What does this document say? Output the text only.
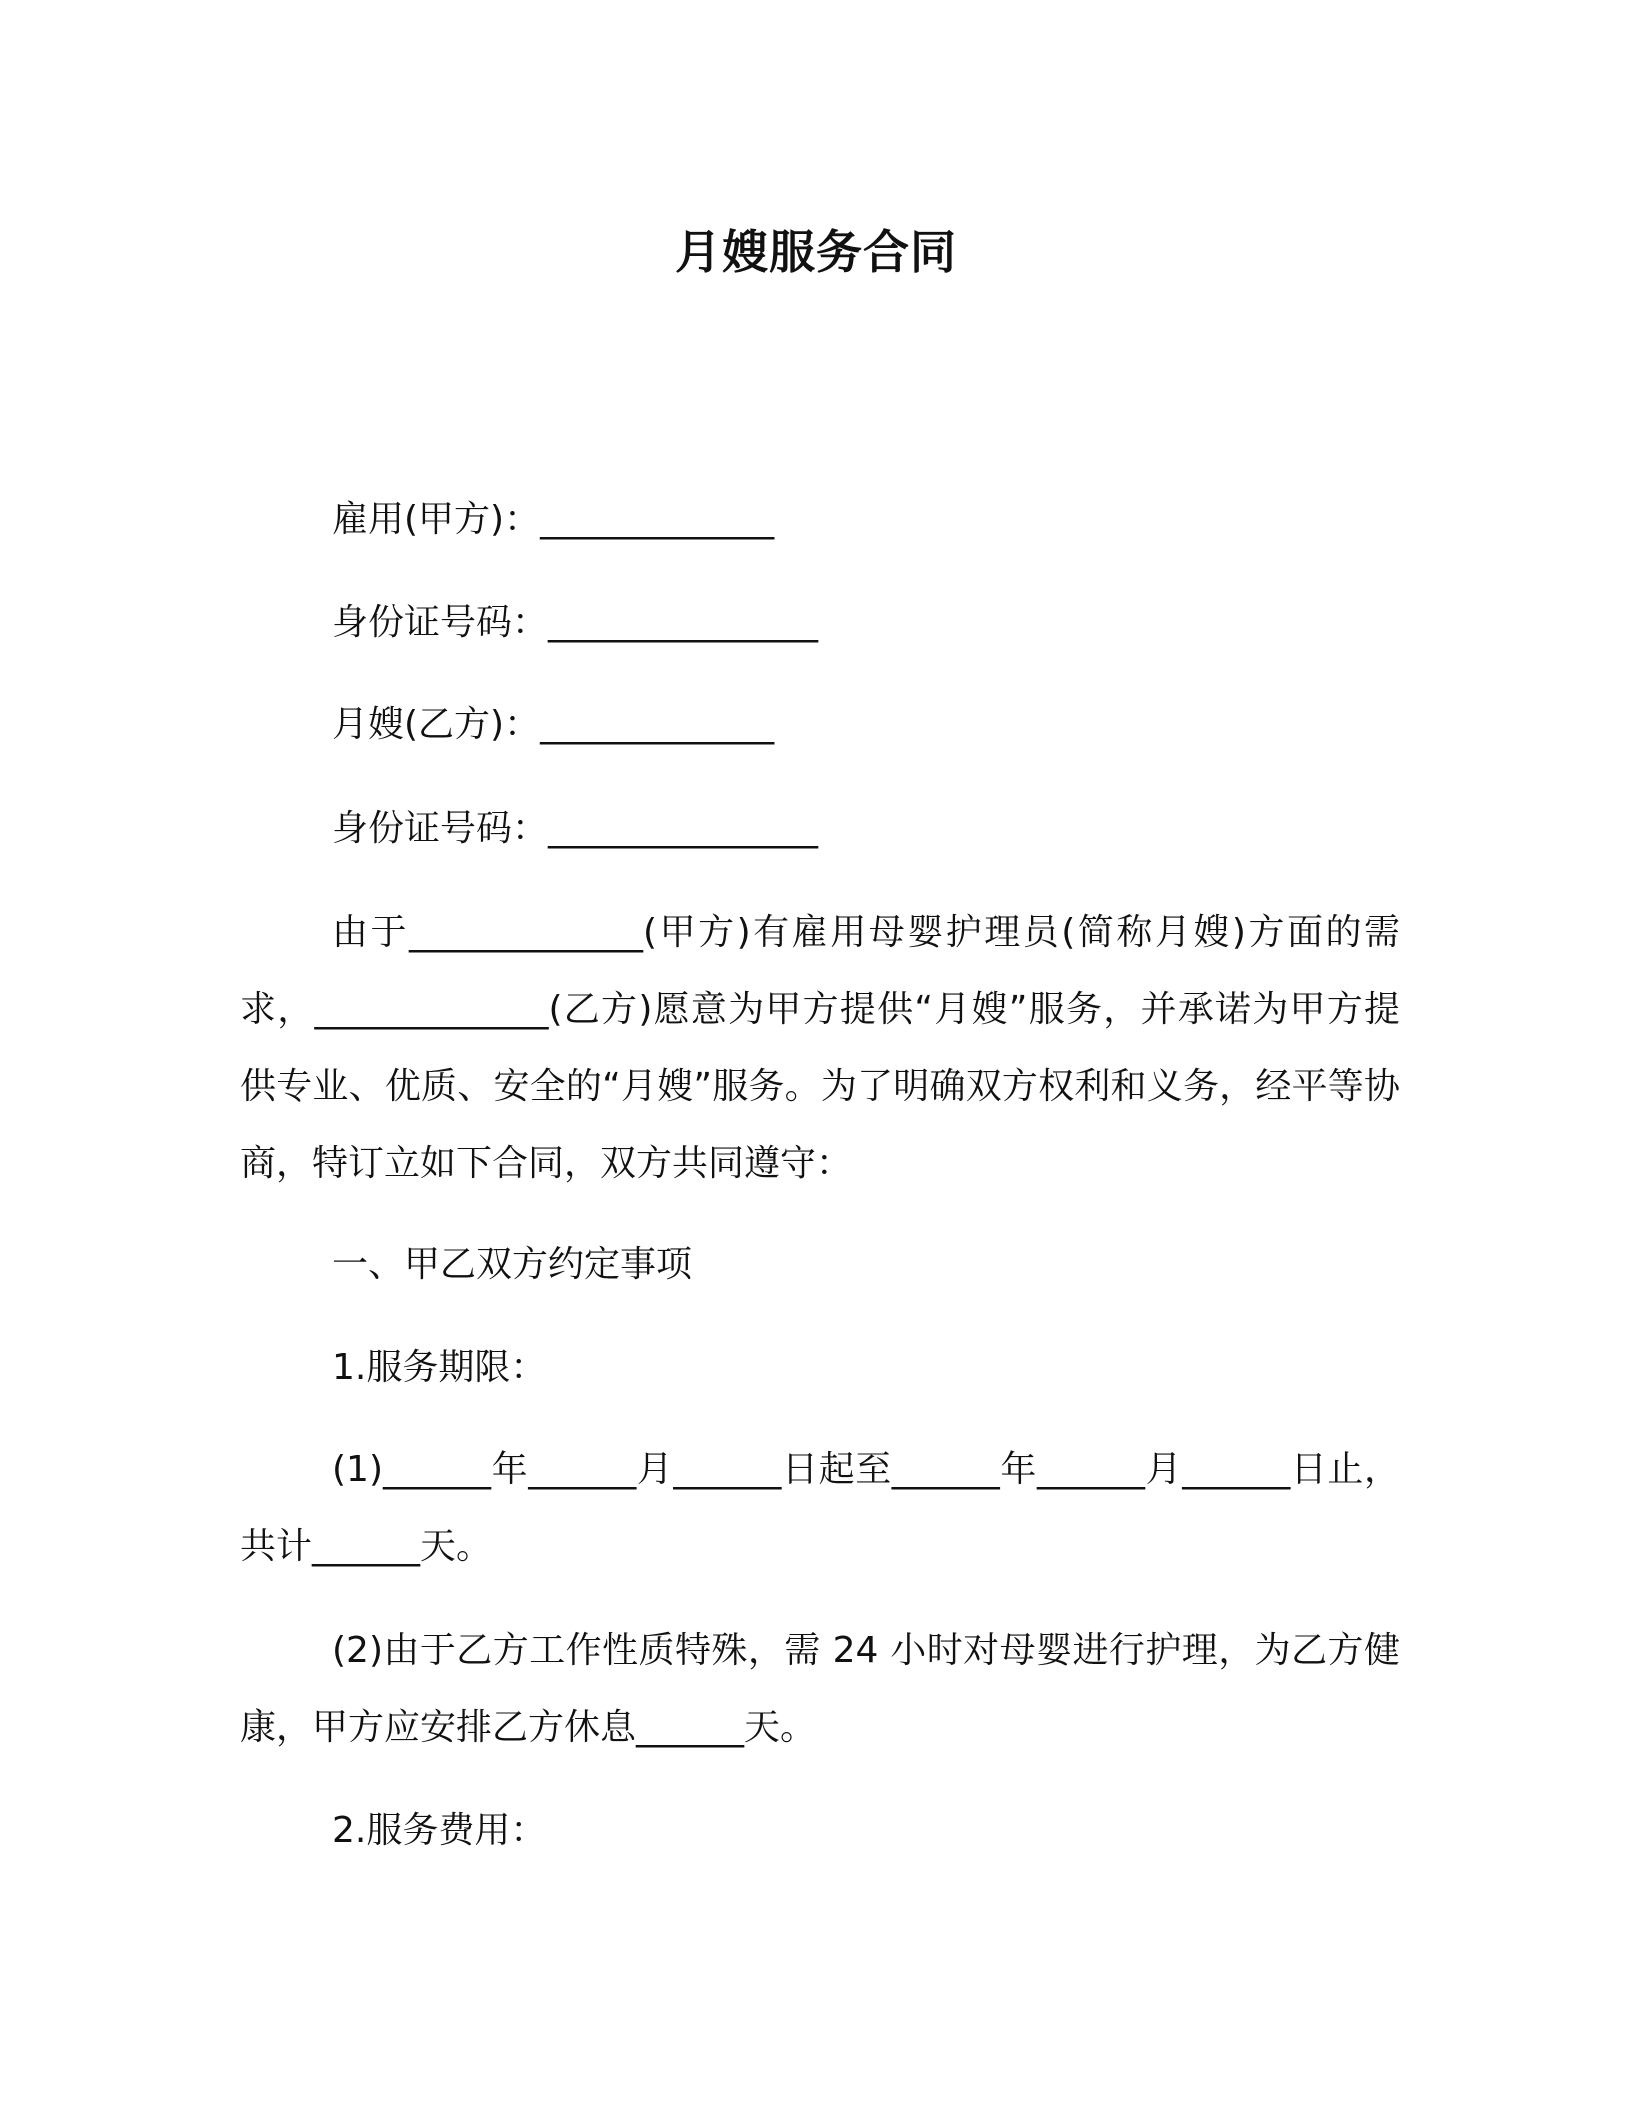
月嫂服务合同
雇用(甲方)：_____________
身份证号码：_______________
月嫂(乙方)：_____________
身份证号码：_______________
由于_____________(甲方)有雇用母婴护理员(简称月嫂)方面的需求，_____________(乙方)愿意为甲方提供“月嫂”服务，并承诺为甲方提供专业、优质、安全的“月嫂”服务。为了明确双方权利和义务，经平等协商，特订立如下合同，双方共同遵守：
一、甲乙双方约定事项
1.服务期限：
(1)______年______月______日起至______年______月______日止，共计______天。
(2)由于乙方工作性质特殊，需 24 小时对母婴进行护理，为乙方健康，甲方应安排乙方休息______天。
2.服务费用：
